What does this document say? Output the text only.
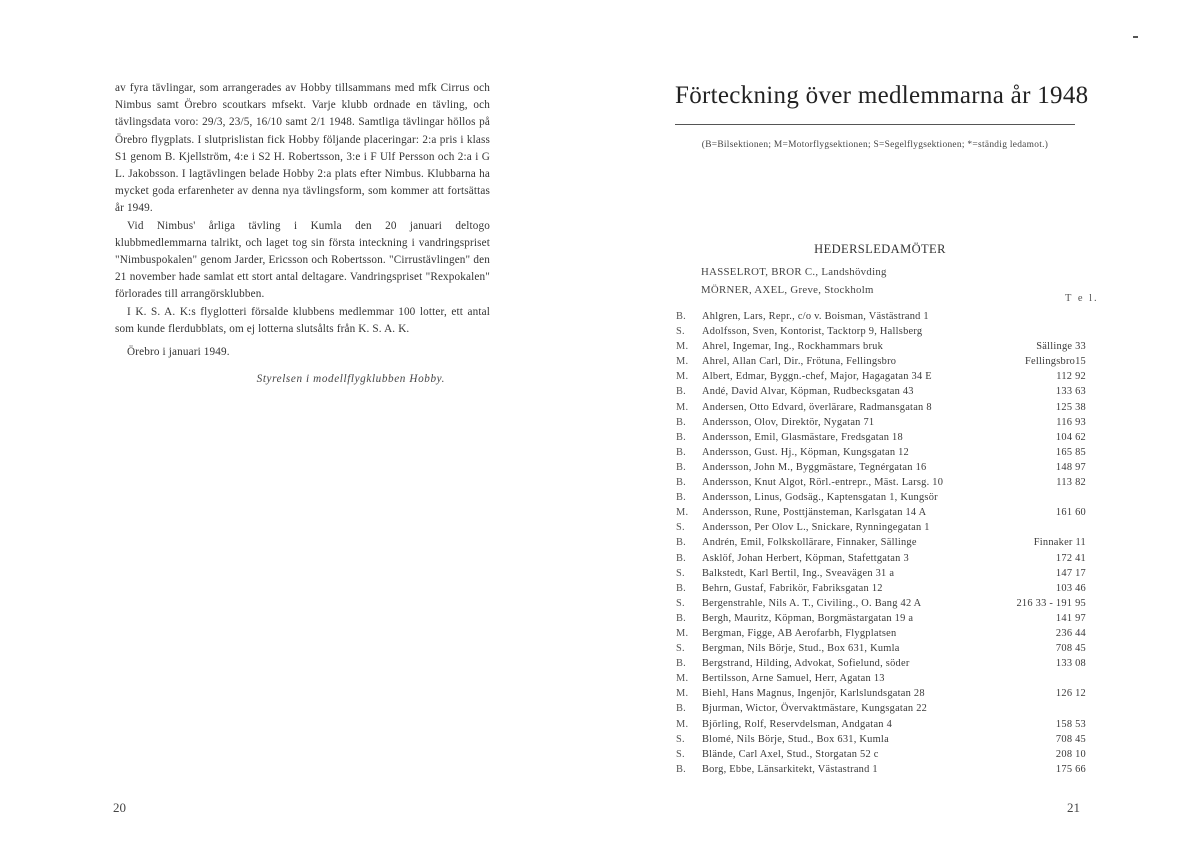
av fyra tävlingar, som arrangerades av Hobby tillsammans med mfk Cirrus och Nimbus samt Örebro scoutkars mfsekt. Varje klubb ordnade en tävling, och tävlingsdata voro: 29/3, 23/5, 16/10 samt 2/1 1948. Samtliga tävlingar höllos på Örebro flygplats. I slutprislistan fick Hobby följande placeringar: 2:a pris i klass S1 genom B. Kjellström, 4:e i S2 H. Robertsson, 3:e i F Ulf Persson och 2:a i G L. Jakobsson. I lagtävlingen belade Hobby 2:a plats efter Nimbus. Klubbarna ha mycket goda erfarenheter av denna nya tävlingsform, som kommer att fortsättas år 1949.

Vid Nimbus' årliga tävling i Kumla den 20 januari deltogo klubbmedlemmarna talrikt, och laget tog sin första inteckning i vandringspriset "Nimbuspokalen" genom Jarder, Ericsson och Robertsson. "Cirrustävlingen" den 21 november hade samlat ett stort antal deltagare. Vandringspriset "Rexpokalen" förlorades till arrangörsklubben.

I K. S. A. K:s flyglotteri försalde klubbens medlemmar 100 lotter, ett antal som kunde flerdubblats, om ej lotterna slutsålts från K. S. A. K.

Örebro i januari 1949.

Styrelsen i modellflygklubben Hobby.

20
Förteckning över medlemmarna år 1948
(B=Bilsektionen; M=Motorflygsektionen; S=Segelflygsektionen; *=ständig ledamot.)
HEDERSLEDAMÖTER
HASSELROT, BROR C., Landshövding
MÖRNER, AXEL, Greve, Stockholm
T e l.
B.	Ahlgren, Lars, Repr., c/o v. Boisman, Västästrand 1
S.	Adolfsson, Sven, Kontorist, Tacktorp 9, Hallsberg
M.	Ahrel, Ingemar, Ing., Rockhammars bruk	Sällinge 33
M.	Ahrel, Allan Carl, Dir., Frötuna, Fellingsbro	Fellingsbro15
M.	Albert, Edmar, Byggn.-chef, Major, Hagagatan 34 E	112 92
B.	Andé, David Alvar, Köpman, Rudbecksgatan 43	133 63
M.	Andersen, Otto Edvard, överlärare, Radmansgatan 8	125 38
B.	Andersson, Olov, Direktör, Nygatan 71	116 93
B.	Andersson, Emil, Glasmästare, Fredsgatan 18	104 62
B.	Andersson, Gust. Hj., Köpman, Kungsgatan 12	165 85
B.	Andersson, John M., Byggmästare, Tegnérgatan 16	148 97
B.	Andersson, Knut Algot, Rörl.-entrepr., Mäst. Larsg. 10	113 82
B.	Andersson, Linus, Godsäg., Kaptensgatan 1, Kungsör
M.	Andersson, Rune, Posttjänsteman, Karlsgatan 14 A	161 60
S.	Andersson, Per Olov L., Snickare, Rynningegatan 1
B.	Andrén, Emil, Folkskollärare, Finnaker, Sällinge	Finnaker 11
B.	Asklöf, Johan Herbert, Köpman, Stafettgatan 3	172 41
S.	Balkstedt, Karl Bertil, Ing., Sveavägen 31 a	147 17
B.	Behrn, Gustaf, Fabrikör, Fabriksgatan 12	103 46
S.	Bergenstrahle, Nils A. T., Civiling., O. Bang 42 A	216 33 - 191 95
B.	Bergh, Mauritz, Köpman, Borgmästargatan 19 a	141 97
M.	Bergman, Figge, AB Aerofarbh, Flygplatsen	236 44
S.	Bergman, Nils Börje, Stud., Box 631, Kumla	708 45
B.	Bergstrand, Hilding, Advokat, Sofielund, söder	133 08
M.	Bertilsson, Arne Samuel, Herr, Agatan 13
M.	Biehl, Hans Magnus, Ingenjör, Karlslundsgatan 28	126 12
B.	Bjurman, Wictor, Övervaktmästare, Kungsgatan 22
M.	Björling, Rolf, Reservdelsman, Andgatan 4	158 53
S.	Blomé, Nils Börje, Stud., Box 631, Kumla	708 45
S.	Blände, Carl Axel, Stud., Storgatan 52 c	208 10
B.	Borg, Ebbe, Länsarkitekt, Västastrand 1	175 66
21
